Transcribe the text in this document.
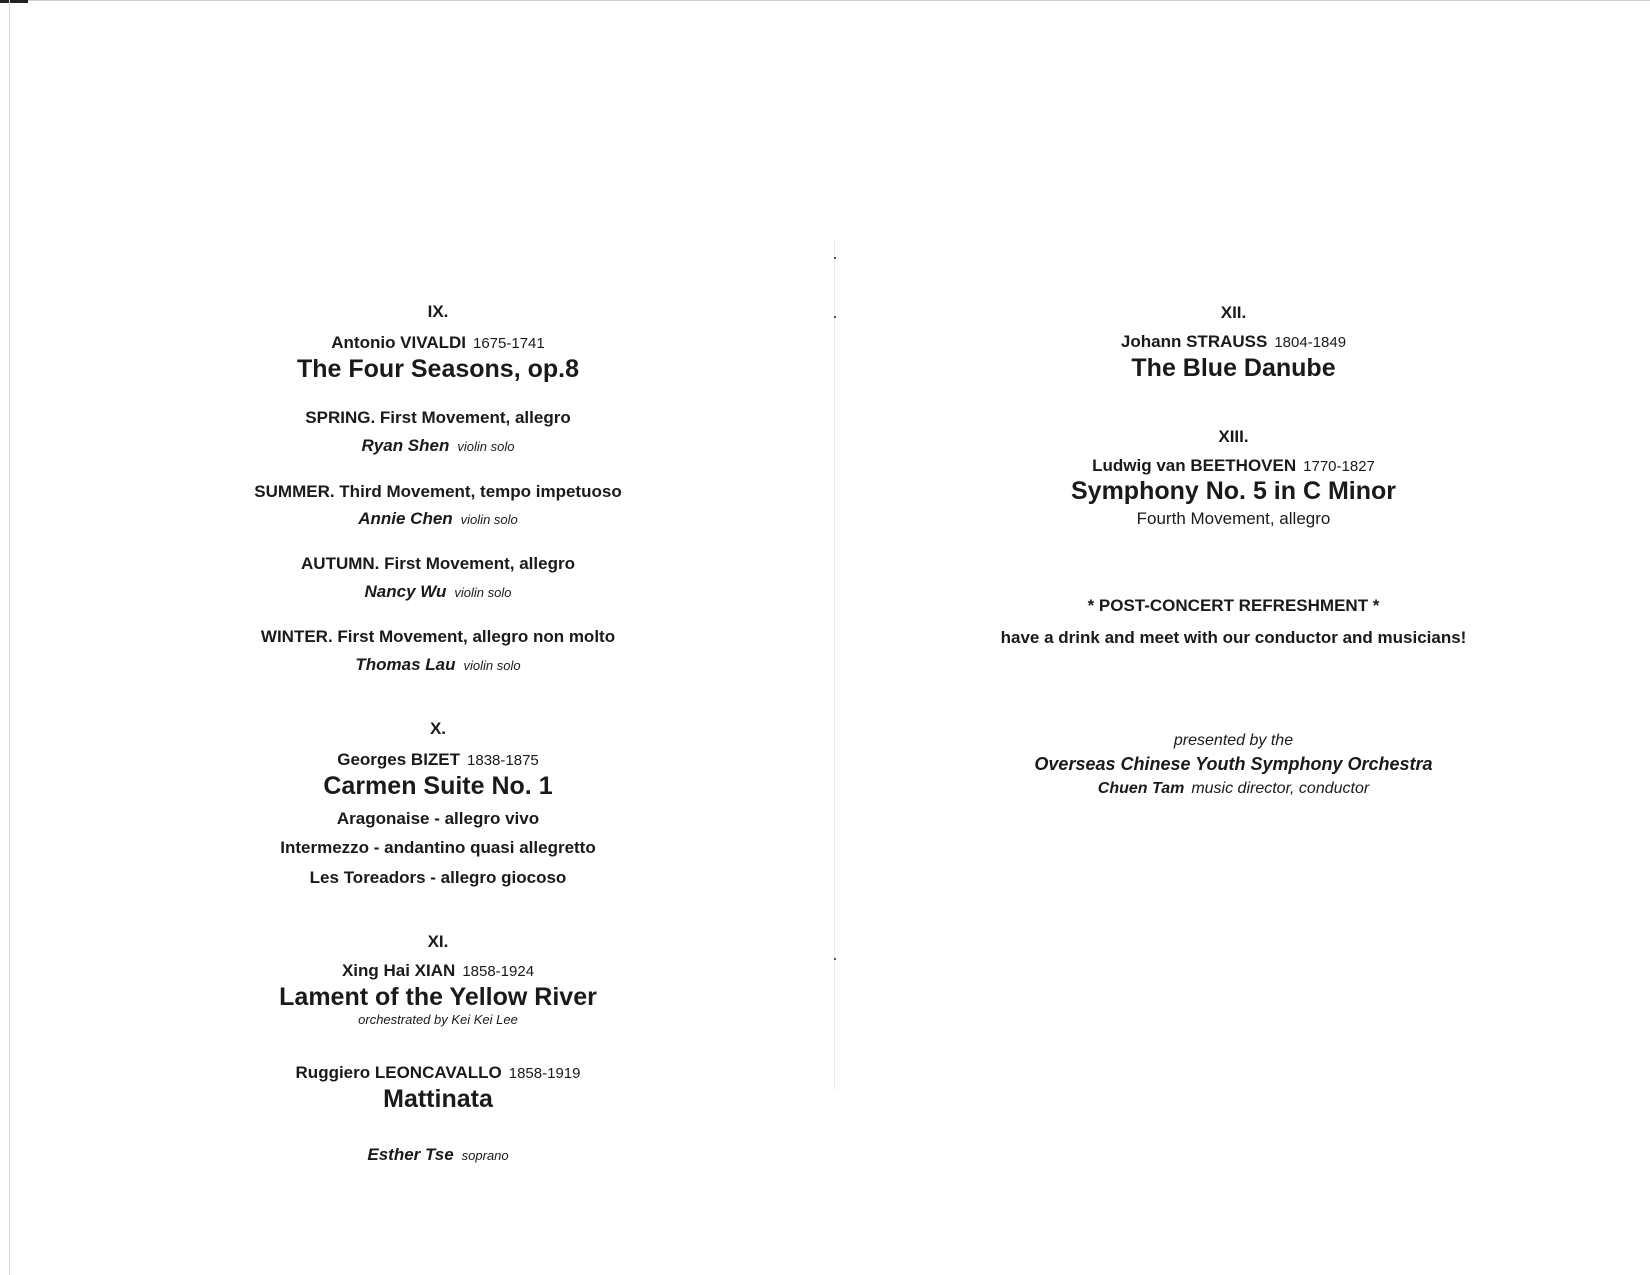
IX.
Antonio VIVALDI 1675-1741
The Four Seasons, op.8
SPRING. First Movement, allegro
Ryan Shen violin solo
SUMMER. Third Movement, tempo impetuoso
Annie Chen violin solo
AUTUMN. First Movement, allegro
Nancy Wu violin solo
WINTER. First Movement, allegro non molto
Thomas Lau violin solo
X.
Georges BIZET 1838-1875
Carmen Suite No. 1
Aragonaise - allegro vivo
Intermezzo - andantino quasi allegretto
Les Toreadors - allegro giocoso
XI.
Xing Hai XIAN 1858-1924
Lament of the Yellow River
orchestrated by Kei Kei Lee
Ruggiero LEONCAVALLO 1858-1919
Mattinata
Esther Tse soprano
XII.
Johann STRAUSS 1804-1849
The Blue Danube
XIII.
Ludwig van BEETHOVEN 1770-1827
Symphony No. 5 in C Minor
Fourth Movement, allegro
* POST-CONCERT REFRESHMENT *
have a drink and meet with our conductor and musicians!
presented by the
Overseas Chinese Youth Symphony Orchestra
Chuen Tam music director, conductor
